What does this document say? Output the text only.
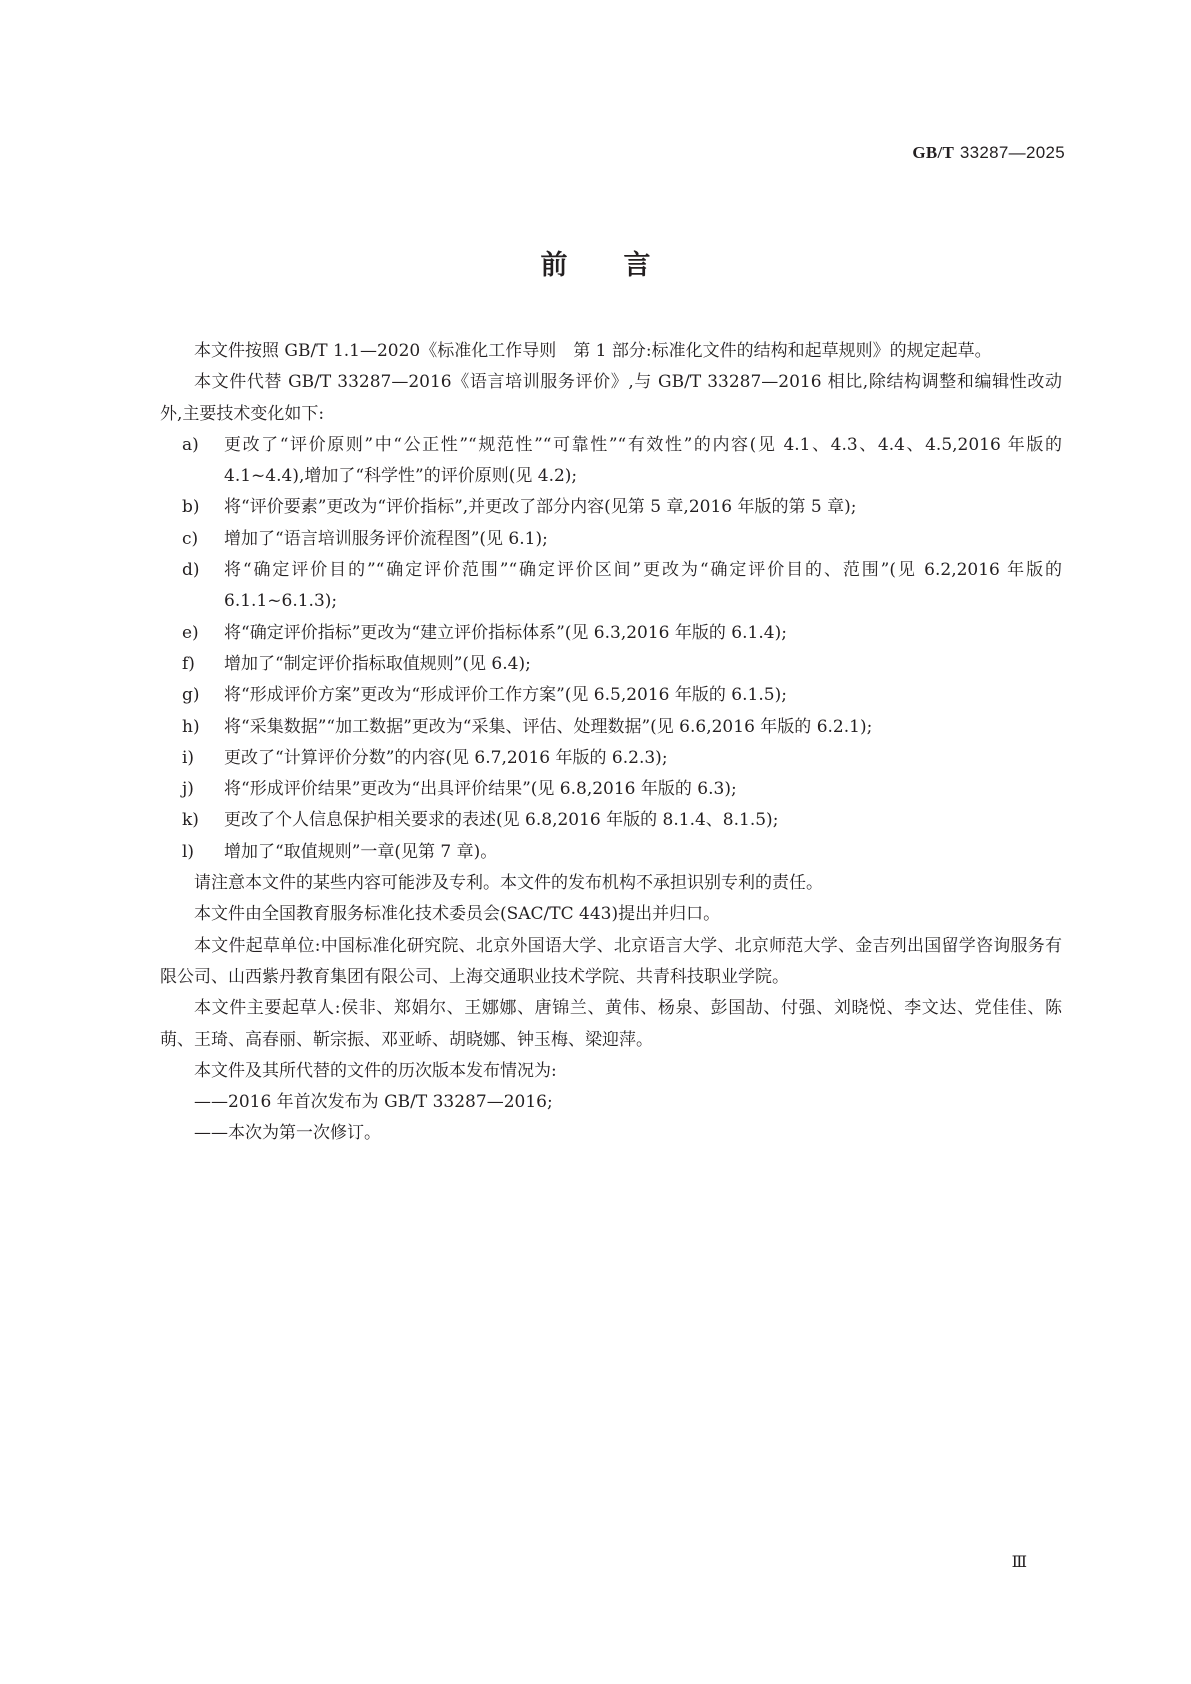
GB/T 33287—2025
前言

本文件按照 GB/T 1.1—2020《标准化工作导则　第 1 部分:标准化文件的结构和起草规则》的规定起草。

本文件代替 GB/T 33287—2016《语言培训服务评价》,与 GB/T 33287—2016 相比,除结构调整和编辑性改动外,主要技术变化如下:

a) 更改了“评价原则”中“公正性”“规范性”“可靠性”“有效性”的内容(见 4.1、4.3、4.4、4.5,2016 年版的 4.1~4.4),增加了“科学性”的评价原则(见 4.2);

b) 将“评价要素”更改为“评价指标”,并更改了部分内容(见第 5 章,2016 年版的第 5 章);

c) 增加了“语言培训服务评价流程图”(见 6.1);

d) 将“确定评价目的”“确定评价范围”“确定评价区间”更改为“确定评价目的、范围”(见 6.2,2016 年版的 6.1.1~6.1.3);

e) 将“确定评价指标”更改为“建立评价指标体系”(见 6.3,2016 年版的 6.1.4);

f) 增加了“制定评价指标取值规则”(见 6.4);

g) 将“形成评价方案”更改为“形成评价工作方案”(见 6.5,2016 年版的 6.1.5);

h) 将“采集数据”“加工数据”更改为“采集、评估、处理数据”(见 6.6,2016 年版的 6.2.1);

i) 更改了“计算评价分数”的内容(见 6.7,2016 年版的 6.2.3);

j) 将“形成评价结果”更改为“出具评价结果”(见 6.8,2016 年版的 6.3);

k) 更改了个人信息保护相关要求的表述(见 6.8,2016 年版的 8.1.4、8.1.5);

l) 增加了“取值规则”一章(见第 7 章)。

请注意本文件的某些内容可能涉及专利。本文件的发布机构不承担识别专利的责任。

本文件由全国教育服务标准化技术委员会(SAC/TC 443)提出并归口。

本文件起草单位:中国标准化研究院、北京外国语大学、北京语言大学、北京师范大学、金吉列出国留学咨询服务有限公司、山西紫丹教育集团有限公司、上海交通职业技术学院、共青科技职业学院。

本文件主要起草人:侯非、郑娟尔、王娜娜、唐锦兰、黄伟、杨泉、彭国劼、付强、刘晓悦、李文达、党佳佳、陈萌、王琦、高春丽、靳宗振、邓亚峤、胡晓娜、钟玉梅、梁迎萍。

本文件及其所代替的文件的历次版本发布情况为:

——2016 年首次发布为 GB/T 33287—2016;

——本次为第一次修订。

Ⅲ
